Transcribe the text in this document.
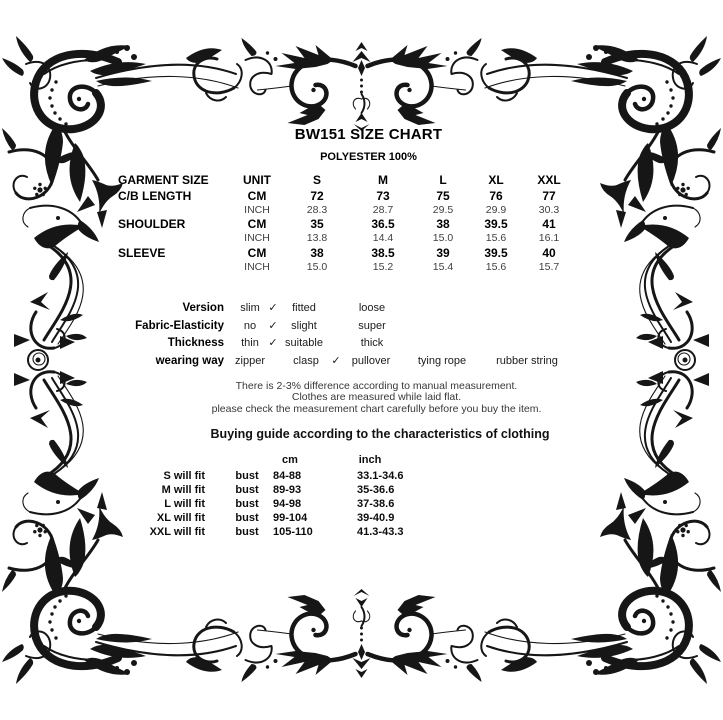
BW151 SIZE CHART
POLYESTER 100%
GARMENT SIZE	UNIT	S	M	L	XL	XXL
C/B LENGTH	CM	72	73	75	76	77
	INCH	28.3	28.7	29.5	29.9	30.3
SHOULDER	CM	35	36.5	38	39.5	41
	INCH	13.8	14.4	15.0	15.6	16.1
SLEEVE	CM	38	38.5	39	39.5	40
	INCH	15.0	15.2	15.4	15.6	15.7
Version slim ✓ fitted	loose
Fabric-Elasticity no ✓ slight	super
Thickness thin ✓ suitable	thick
wearing way zipper	clasp ✓ pullover	tying rope	rubber string
There is 2-3% difference according to manual measurement.
Clothes are measured while laid flat.
please check the measurement chart carefully before you buy the item.
Buying guide according to the characteristics of clothing
cm	inch
S will fit	bust 84-88	33.1-34.6
M will fit	bust 89-93	35-36.6
L will fit	bust 94-98	37-38.6
XL will fit	bust 99-104	39-40.9
XXL will fit	bust 105-110	41.3-43.3
